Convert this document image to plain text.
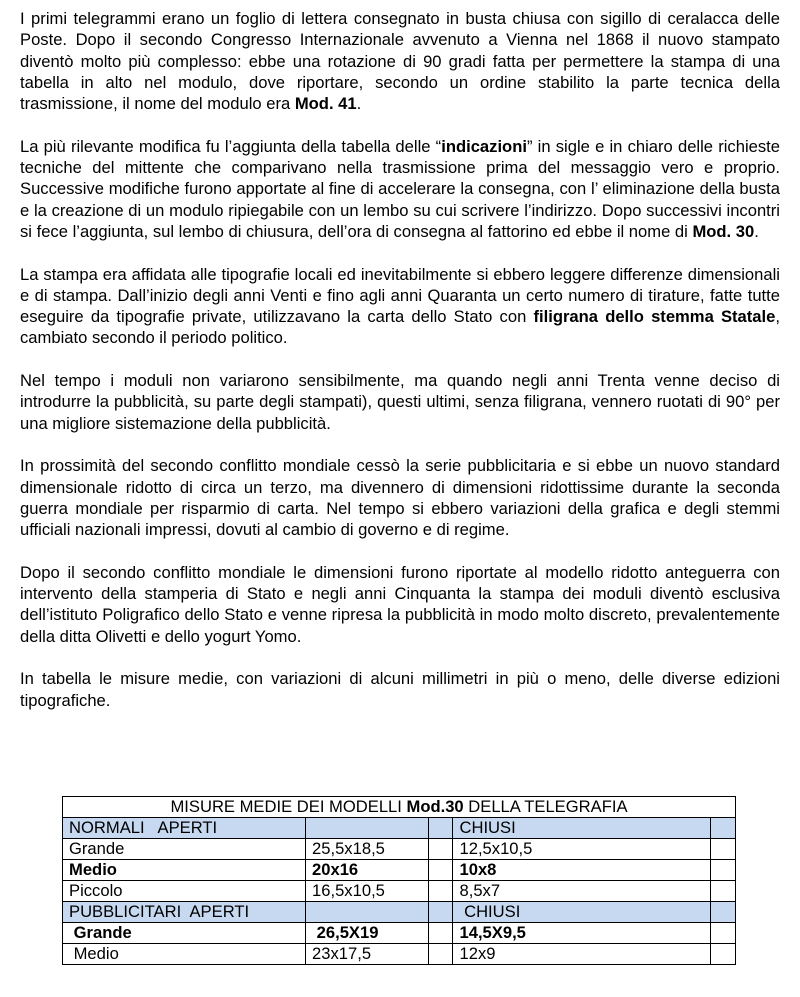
I primi telegrammi erano un foglio di lettera consegnato in busta chiusa con sigillo di ceralacca delle Poste. Dopo il secondo Congresso Internazionale avvenuto a Vienna nel 1868 il nuovo stampato diventò molto più complesso: ebbe una rotazione di 90 gradi fatta per permettere la stampa di una tabella in alto nel modulo, dove riportare, secondo un ordine stabilito la parte tecnica della trasmissione, il nome del modulo era Mod. 41.

La più rilevante modifica fu l’aggiunta della tabella delle “indicazioni” in sigle e in chiaro delle richieste tecniche del mittente che comparivano nella trasmissione prima del messaggio vero e proprio. Successive modifiche furono apportate al fine di accelerare la consegna, con l’ eliminazione della busta e la creazione di un modulo ripiegabile con un lembo su cui scrivere l’indirizzo. Dopo successivi incontri si fece l’aggiunta, sul lembo di chiusura, dell’ora di consegna al fattorino ed ebbe il nome di Mod. 30.

La stampa era affidata alle tipografie locali ed inevitabilmente si ebbero leggere differenze dimensionali e di stampa. Dall’inizio degli anni Venti e fino agli anni Quaranta un certo numero di tirature, fatte tutte eseguire da tipografie private, utilizzavano la carta dello Stato con filigrana dello stemma Statale, cambiato secondo il periodo politico.

Nel tempo i moduli non variarono sensibilmente, ma quando negli anni Trenta venne deciso di introdurre la pubblicità, su parte degli stampati), questi ultimi, senza filigrana, vennero ruotati di 90° per una migliore sistemazione della pubblicità.

In prossimità del secondo conflitto mondiale cessò la serie pubblicitaria e si ebbe un nuovo standard dimensionale ridotto di circa un terzo, ma divennero di dimensioni ridottissime durante la seconda guerra mondiale per risparmio di carta. Nel tempo si ebbero variazioni della grafica e degli stemmi ufficiali nazionali impressi, dovuti al cambio di governo e di regime.

Dopo il secondo conflitto mondiale le dimensioni furono riportate al modello ridotto anteguerra con intervento della stamperia di Stato e negli anni Cinquanta la stampa dei moduli diventò esclusiva dell’istituto Poligrafico dello Stato e venne ripresa la pubblicità in modo molto discreto, prevalentemente della ditta Olivetti e dello yogurt Yomo.

In tabella le misure medie, con variazioni di alcuni millimetri in più o meno, delle diverse edizioni tipografiche.

MISURE MEDIE DEI MODELLI Mod.30 DELLA TELEGRAFIA				
NORMALI   APERTI			CHIUSI	
Grande	25,5x18,5		12,5x10,5	
Medio	20x16		10x8	
Piccolo	16,5x10,5		8,5x7	
PUBBLICITARI  APERTI			CHIUSI	
Grande	26,5X19		14,5X9,5	
Medio	23x17,5		12x9	
